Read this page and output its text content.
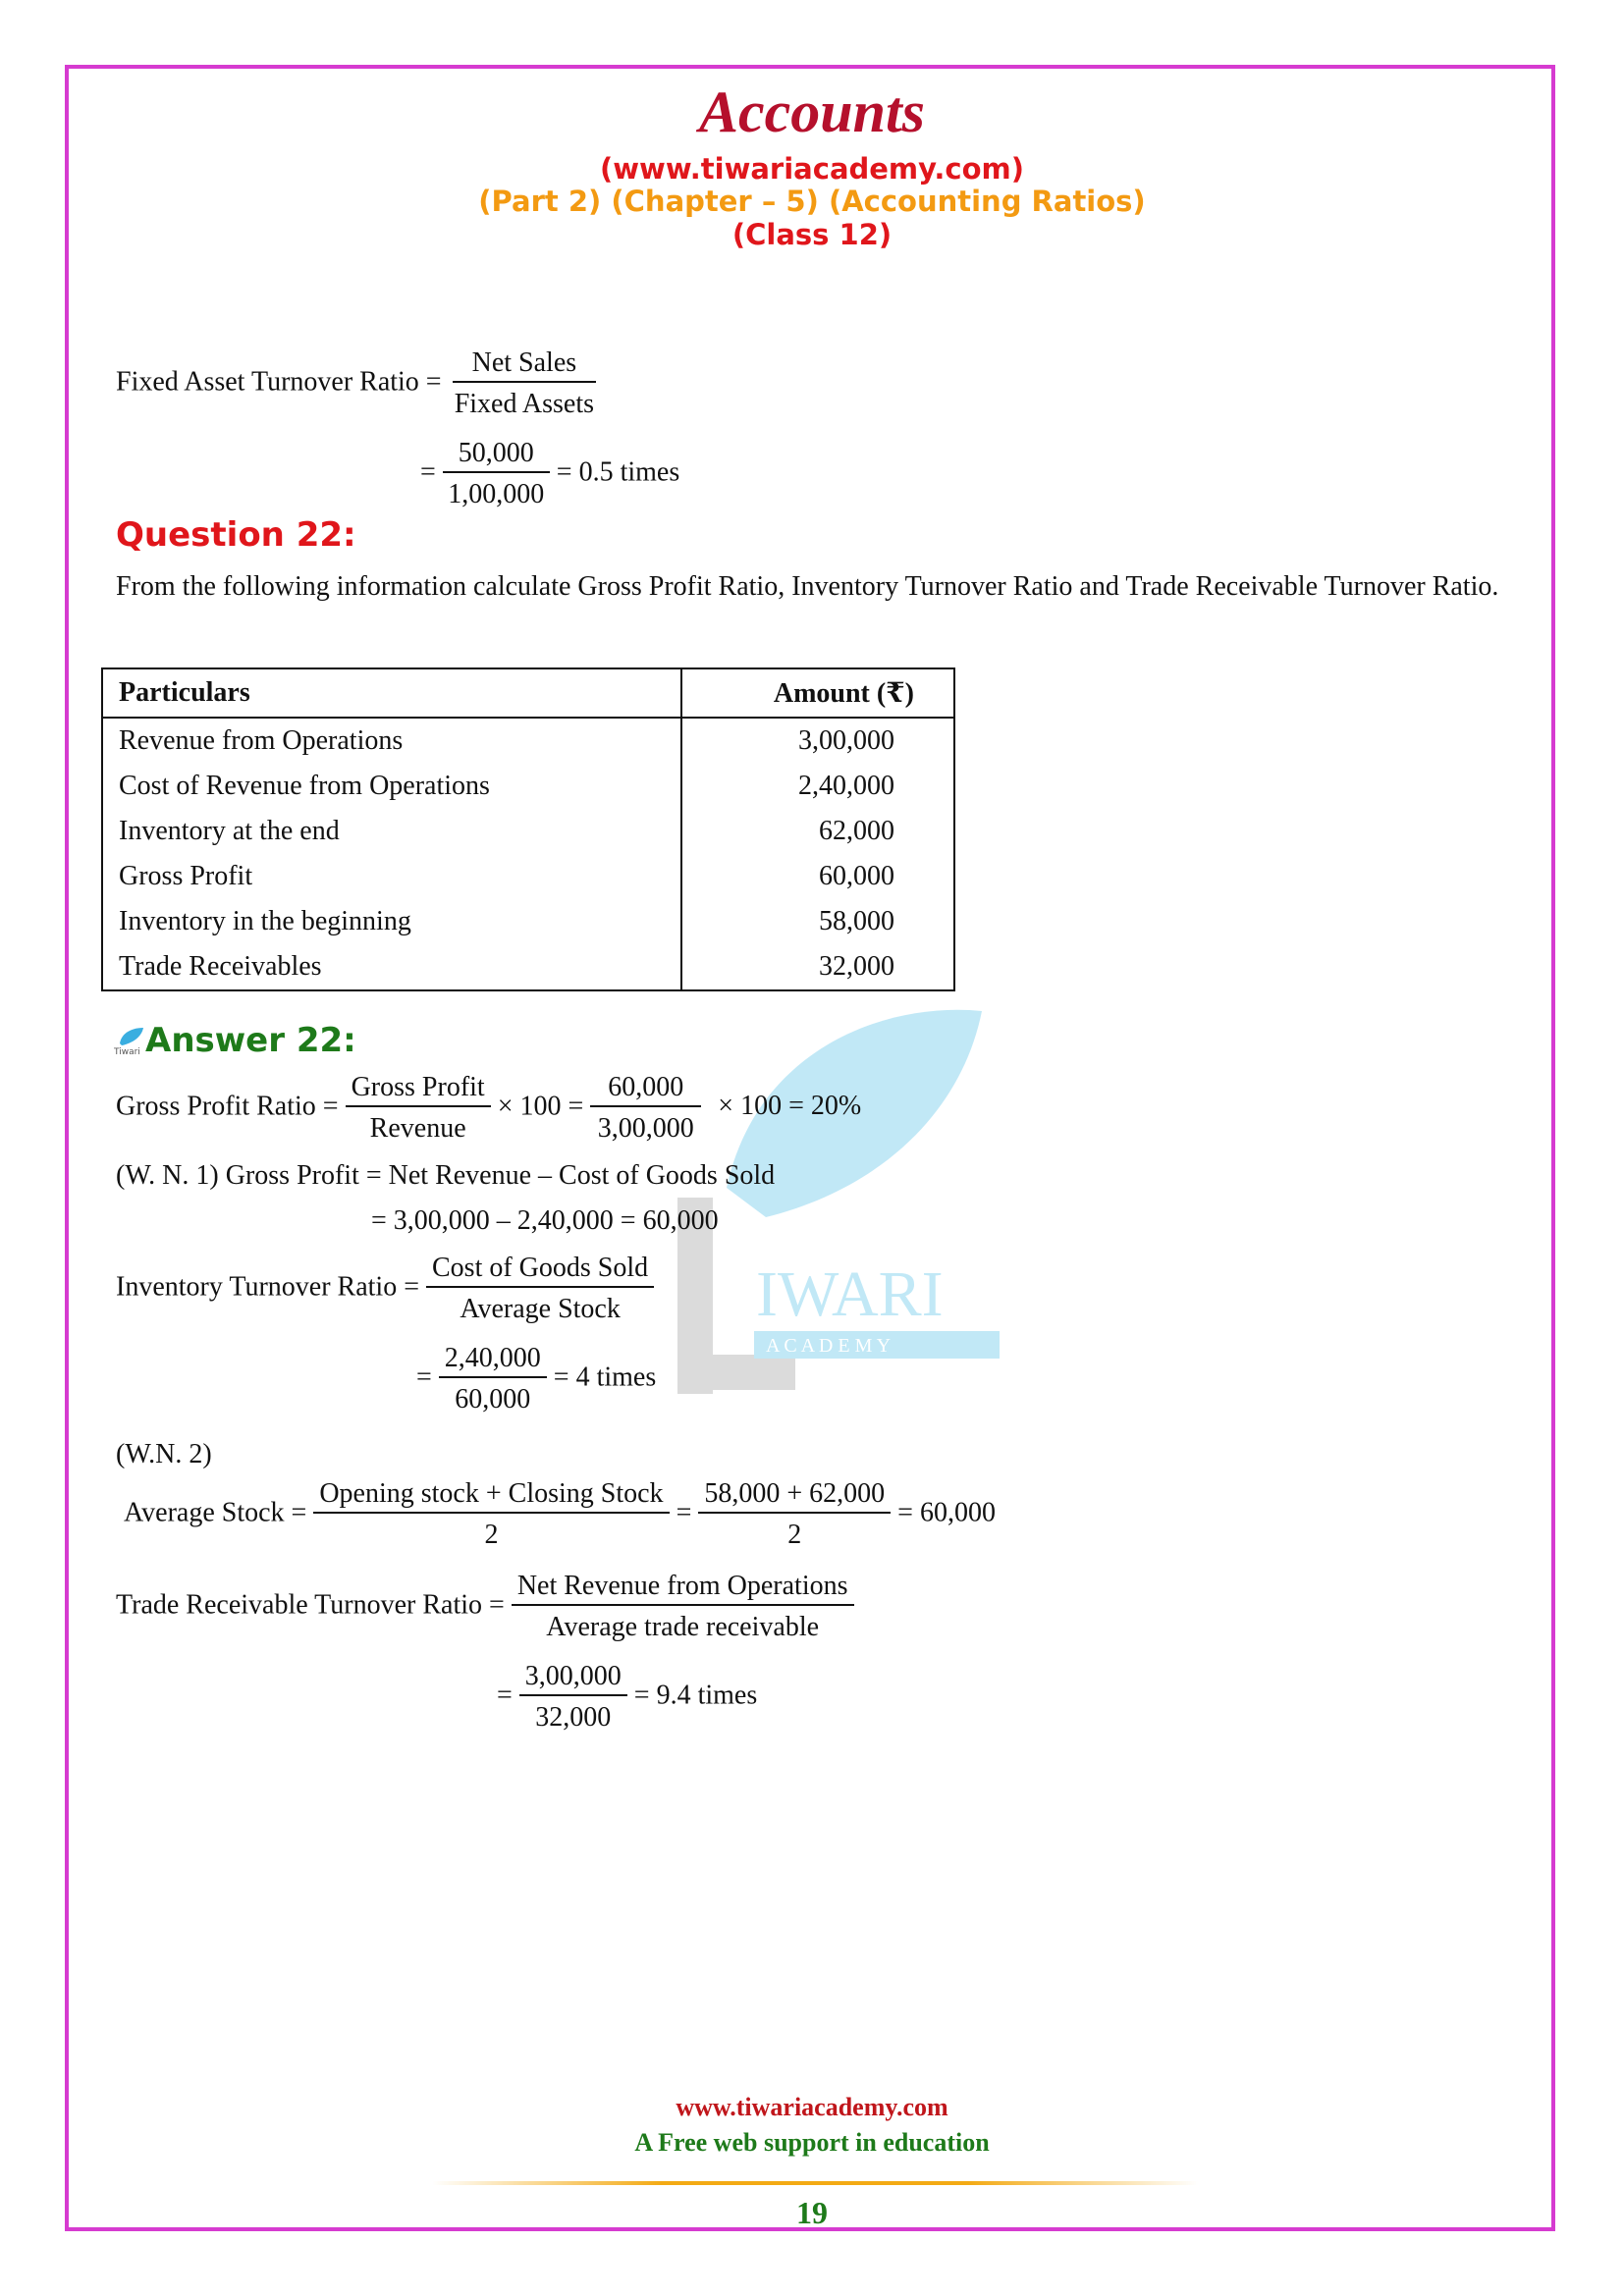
Accounts
(www.tiwariacademy.com)
(Part 2) (Chapter – 5) (Accounting Ratios)
(Class 12)
IWARI
A C A D E M Y
Fixed Asset Turnover Ratio = $\frac{\text{Net Sales}}{\text{Fixed Assets}}$
= $\frac{50,000}{1,00,000} = 0.5$ times
Question 22:
From the following information calculate Gross Profit Ratio, Inventory Turnover Ratio and Trade Receivable Turnover Ratio.
Particulars	Amount (₹)
Revenue from Operations	3,00,000
Cost of Revenue from Operations	2,40,000
Inventory at the end	62,000
Gross Profit	60,000
Inventory in the beginning	58,000
Trade Receivables	32,000
Tiwari Answer 22:
Gross Profit Ratio = $\frac{\text{Gross Profit}}{\text{Revenue}} \times 100 = \frac{60,000}{3,00,000} \times 100 = 20\%$
(W. N. 1) Gross Profit = Net Revenue – Cost of Goods Sold
= 3,00,000 – 2,40,000 = 60,000
Inventory Turnover Ratio = $\frac{\text{Cost of Goods Sold}}{\text{Average Stock}}$
= $\frac{2,40,000}{60,000} = 4$ times
(W.N. 2)
Average Stock = $\frac{\text{Opening stock + Closing Stock}}{2} = \frac{58,000 + 62,000}{2} = 60,000$
Trade Receivable Turnover Ratio = $\frac{\text{Net Revenue from Operations}}{\text{Average trade receivable}}$
= $\frac{3,00,000}{32,000} = 9.4$ times
www.tiwariacademy.com
A Free web support in education
19
